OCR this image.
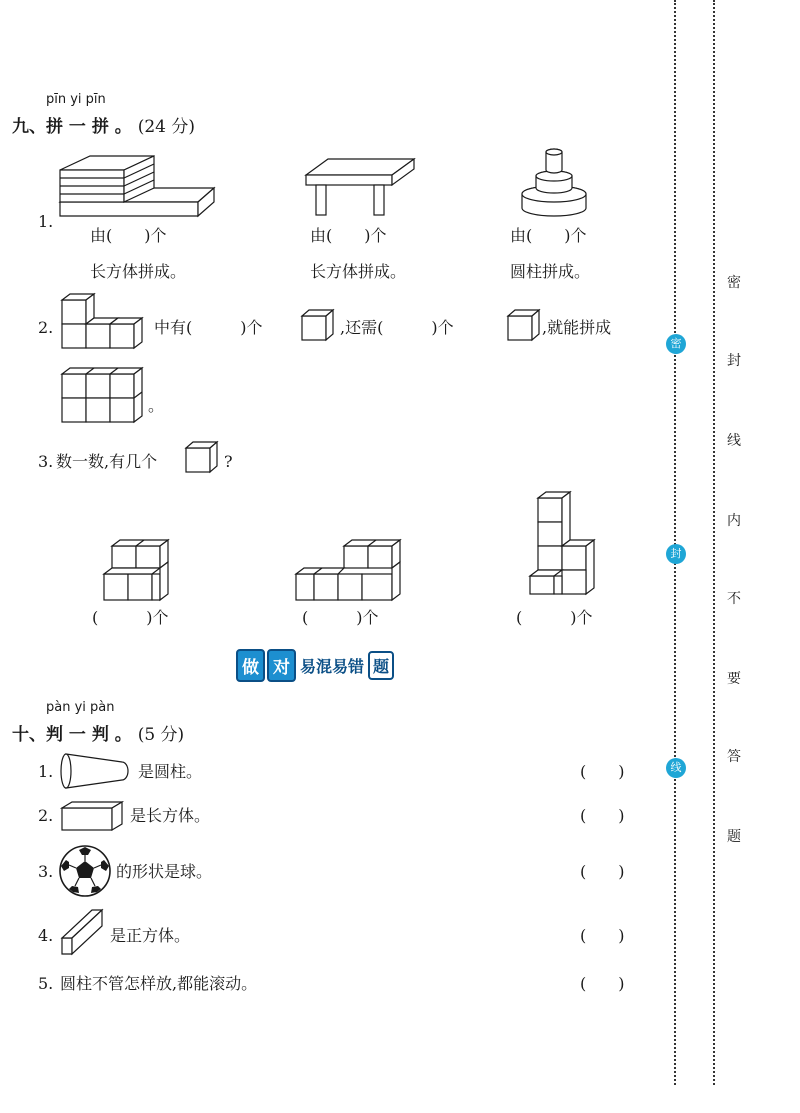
pīn yi pīn
九、拼 一 拼 。 (24 分)
1.
由(　　)个
长方体拼成。
由(　　)个
长方体拼成。
由(　　)个
圆柱拼成。
2.	中有(　　　)个	,还需(　　　)个	,就能拼成
。
3. 数一数,有几个	?
(　　　)个	(　　　)个	(　　　)个
做 对 易混易错 题
pàn yi pàn
十、判 一 判 。 (5 分)
1.	是圆柱。	(　　)
2.	是长方体。	(　　)
3.	的形状是球。	(　　)
4.	是正方体。	(　　)
5. 圆柱不管怎样放,都能滚动。	(　　)
密
封
线
密
封
线
内
不
要
答
题
